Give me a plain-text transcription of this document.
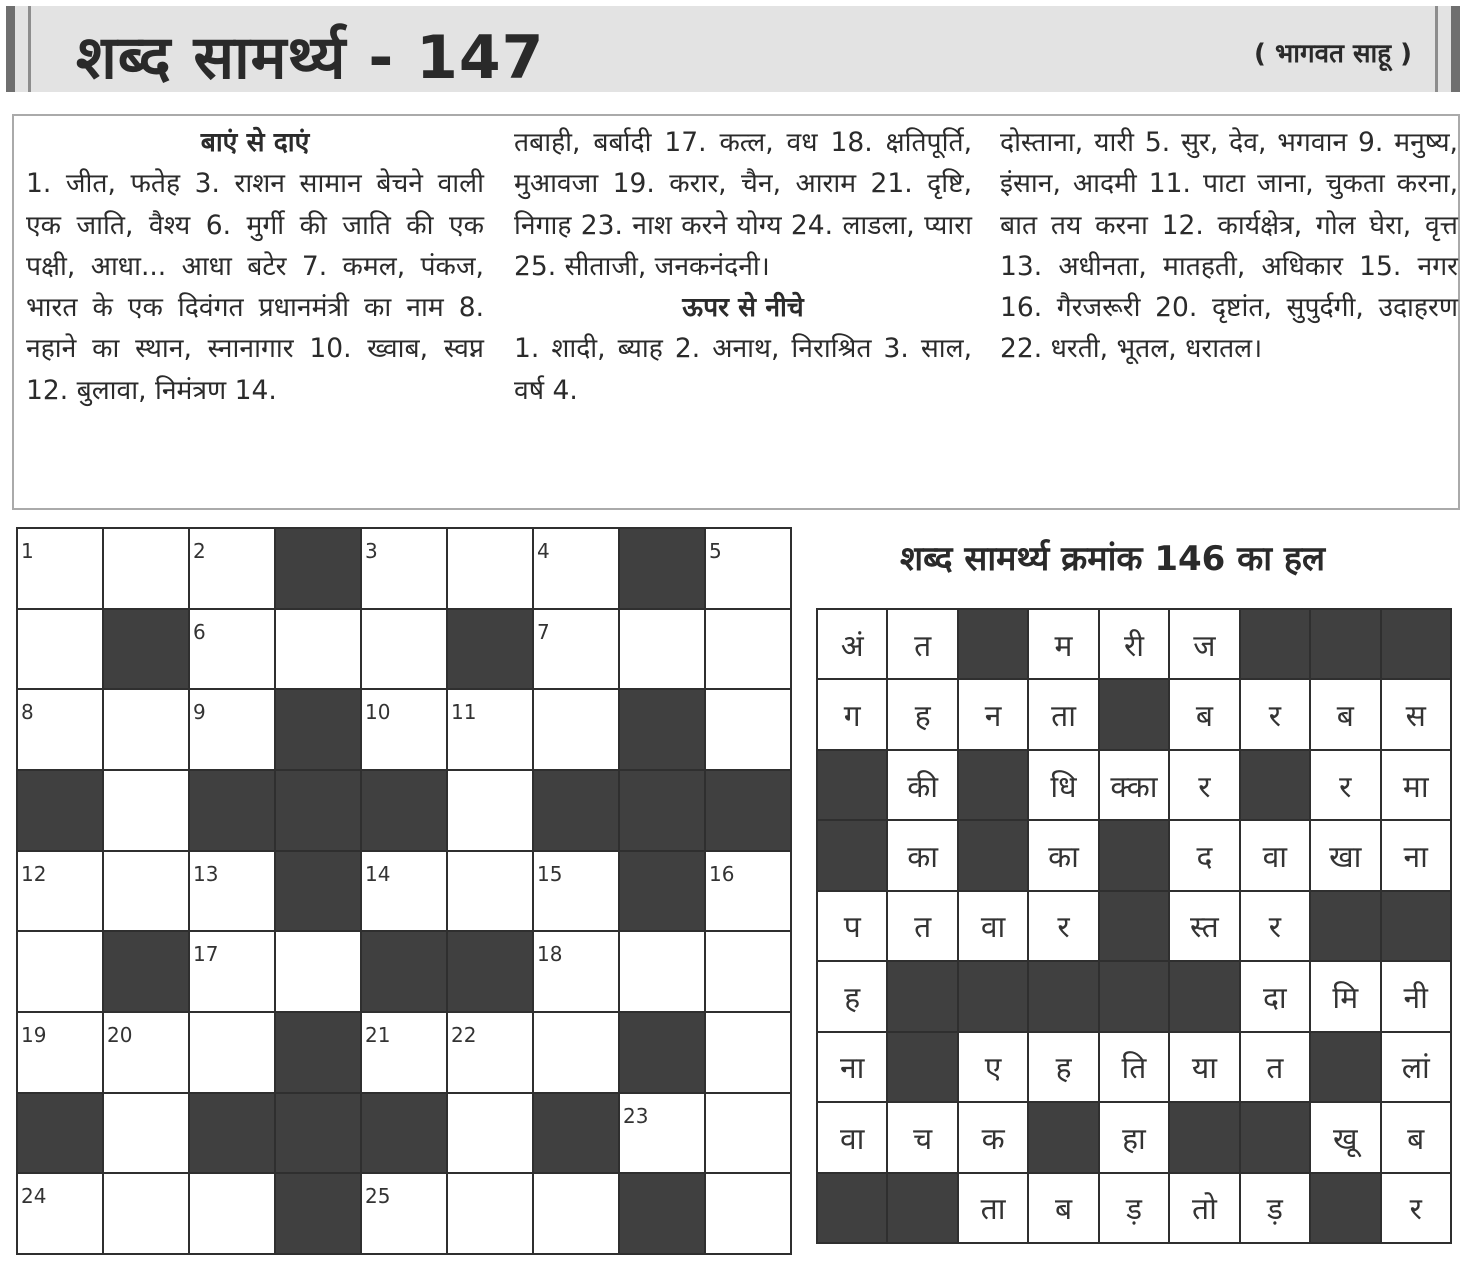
शब्द सामर्थ्य - 147	( भागवत साहू )
बाएं से दाएं
1. जीत, फतेह 3. राशन सामान बेचने वाली एक जाति, वैश्य 6. मुर्गी की जाति की एक पक्षी, आधा... आधा बटेर 7. कमल, पंकज, भारत के एक दिवंगत प्रधानमंत्री का नाम 8. नहाने का स्थान, स्नानागार 10. ख्वाब, स्वप्न 12. बुलावा, निमंत्रण 14.
तबाही, बर्बादी 17. कत्ल, वध 18. क्षतिपूर्ति, मुआवजा 19. करार, चैन, आराम 21. दृष्टि, निगाह 23. नाश करने योग्य 24. लाडला, प्यारा 25. सीताजी, जनकनंदनी।
ऊपर से नीचे
1. शादी, ब्याह 2. अनाथ, निराश्रित 3. साल, वर्ष 4.
दोस्ताना, यारी 5. सुर, देव, भगवान 9. मनुष्य, इंसान, आदमी 11. पाटा जाना, चुकता करना, बात तय करना 12. कार्यक्षेत्र, गोल घेरा, वृत्त 13. अधीनता, मातहती, अधिकार 15. नगर 16. गैरजरूरी 20. दृष्टांत, सुपुर्दगी, उदाहरण 22. धरती, भूतल, धरातल।
1		2		3		4		5

		6				7		

8		9		10	11			

12		13		14		15		16

		17				18		

19	20			21	22			

							23	

24				25				

शब्द सामर्थ्य क्रमांक 146 का हल
अं	त		म	री	ज			
ग	ह	न	ता		ब	र	ब	स
	की		धि	क्का	र		र	मा
	का		का		द	वा	खा	ना
प	त	वा	र		स्त	र		
ह						दा	मि	नी
ना		ए	ह	ति	या	त		लां
वा	च	क		हा			खू	ब
		ता	ब	ड़	तो	ड़		र
